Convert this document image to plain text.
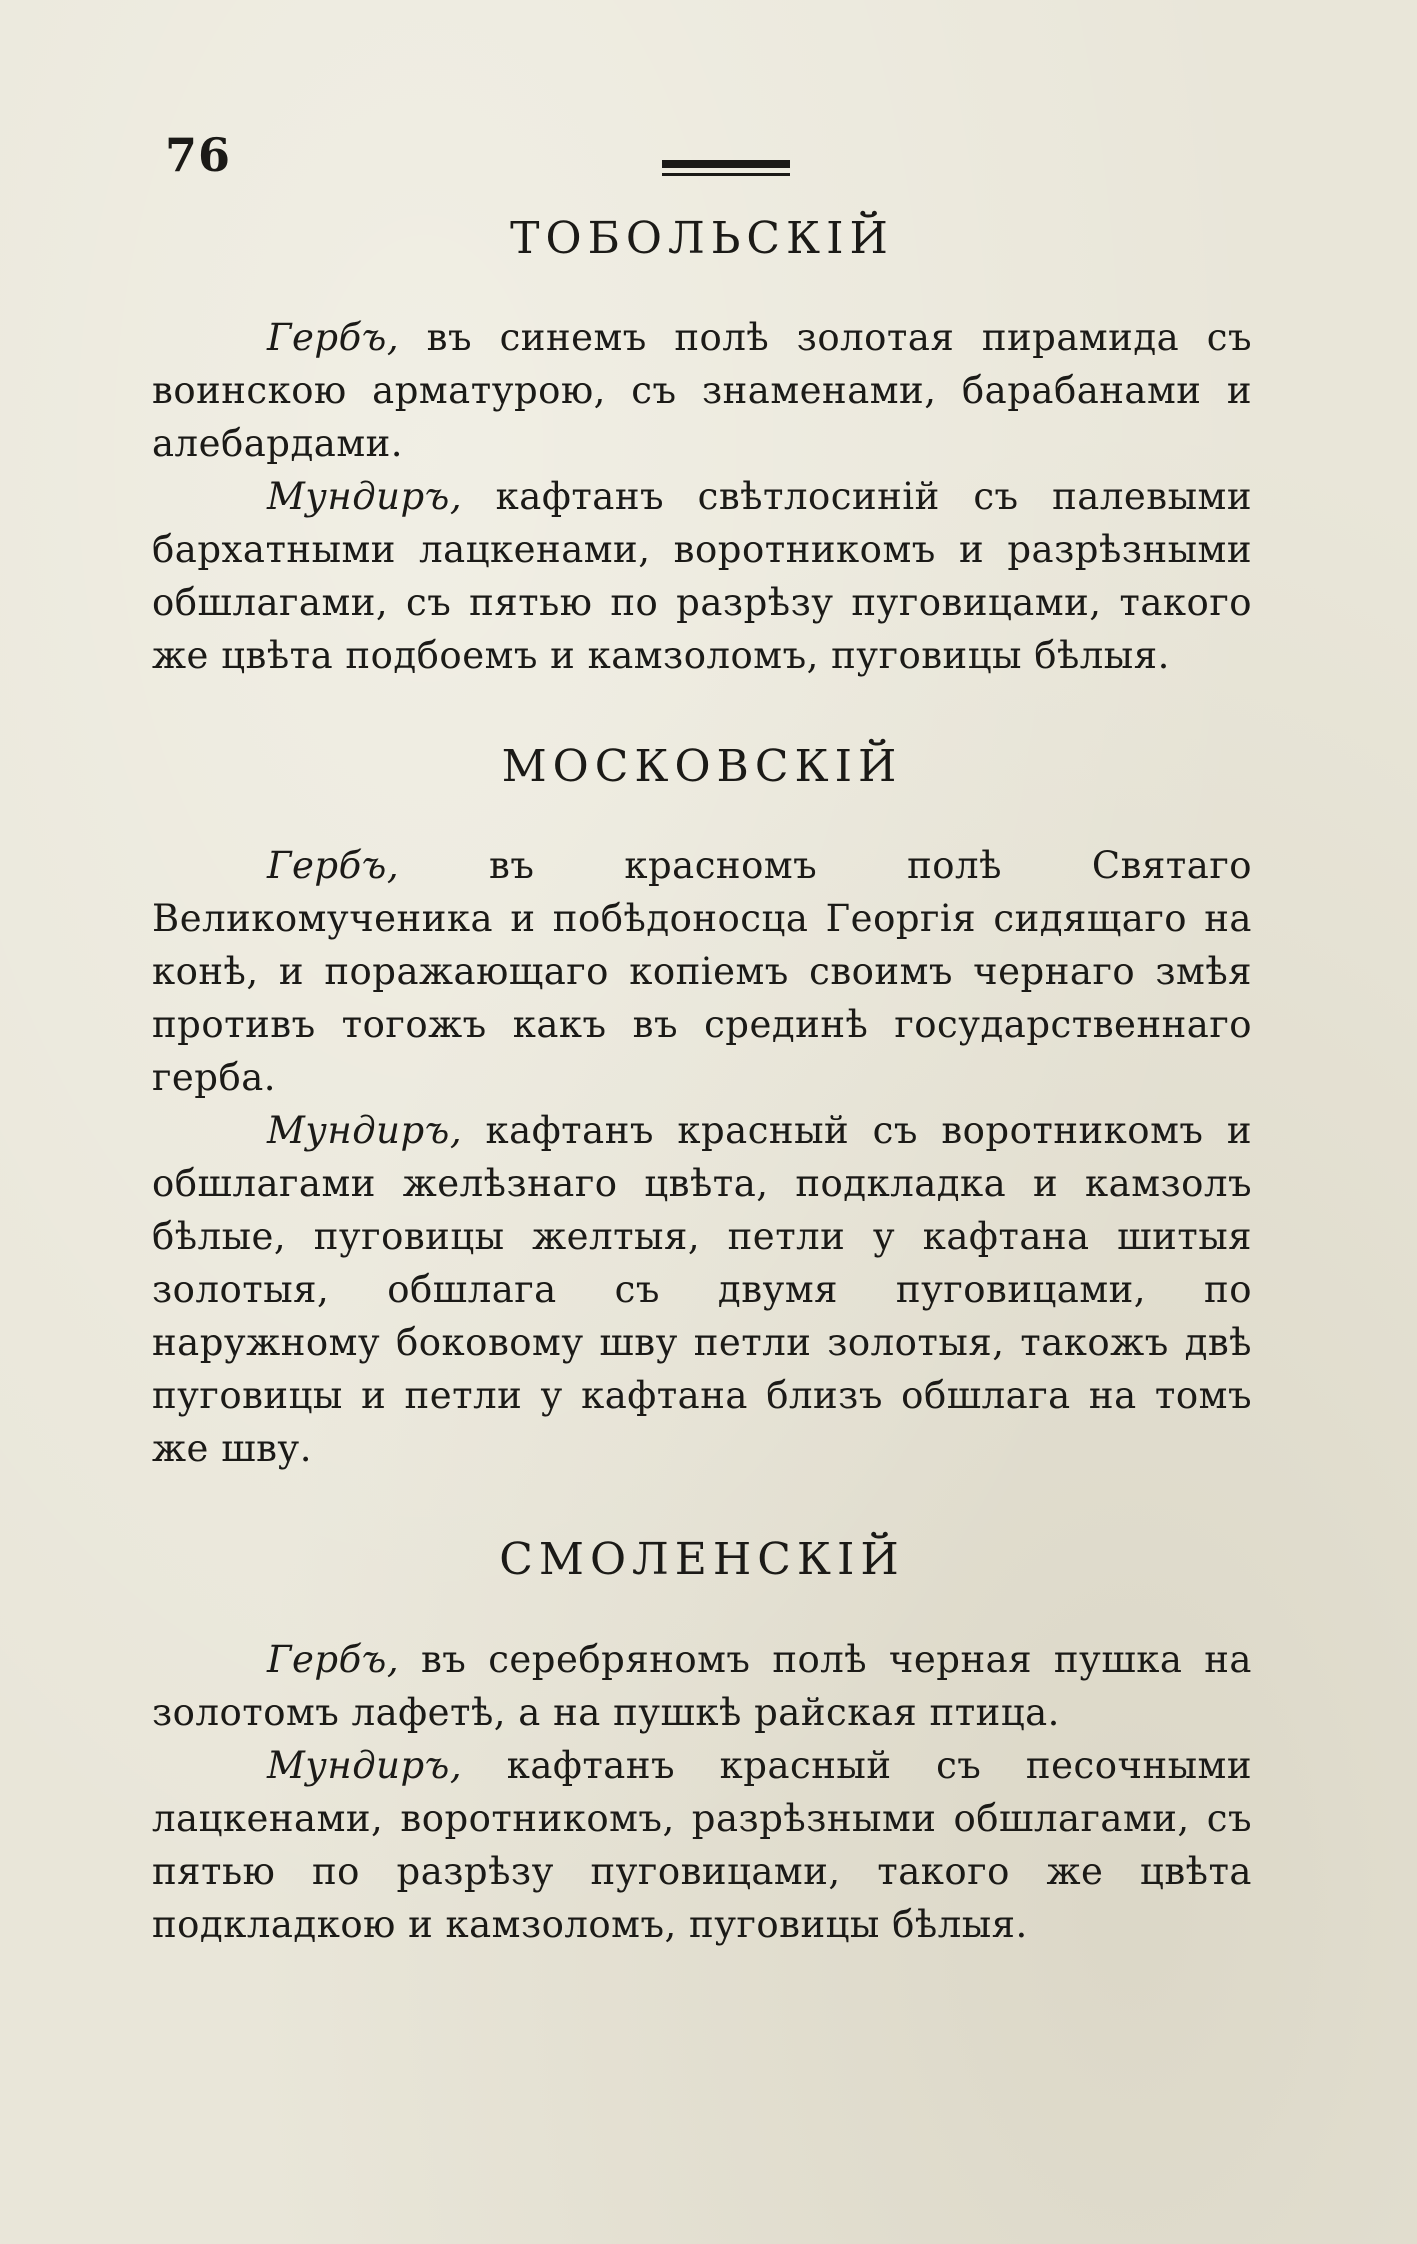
76
ТОБОЛЬСКIЙ

Гербъ, въ синемъ полѣ золотая пирамида съ воинскою арматурою, съ знаменами, барабанами и алебардами.

Мундиръ, кафтанъ свѣтлосинiй съ палевыми бархатными лацкенами, воротникомъ и разрѣзными обшлагами, съ пятью по разрѣзу пуговицами, такого же цвѣта подбоемъ и камзоломъ, пуговицы бѣлыя.

МОСКОВСКIЙ

Гербъ, въ красномъ полѣ Святаго Великомученика и побѣдоносца Георгiя сидящаго на конѣ, и поражающаго копiемъ своимъ чернаго змѣя противъ тогожъ какъ въ срединѣ государственнаго герба.

Мундиръ, кафтанъ красный съ воротникомъ и обшлагами желѣзнаго цвѣта, подкладка и камзолъ бѣлые, пуговицы желтыя, петли у кафтана шитыя золотыя, обшлага съ двумя пуговицами, по наружному боковому шву петли золотыя, такожъ двѣ пуговицы и петли у кафтана близъ обшлага на томъ же шву.

СМОЛЕНСКIЙ

Гербъ, въ серебряномъ полѣ черная пушка на золотомъ лафетѣ, а на пушкѣ райская птица.

Мундиръ, кафтанъ красный съ песочными лацкенами, воротникомъ, разрѣзными обшлагами, съ пятью по разрѣзу пуговицами, такого же цвѣта подкладкою и камзоломъ, пуговицы бѣлыя.
